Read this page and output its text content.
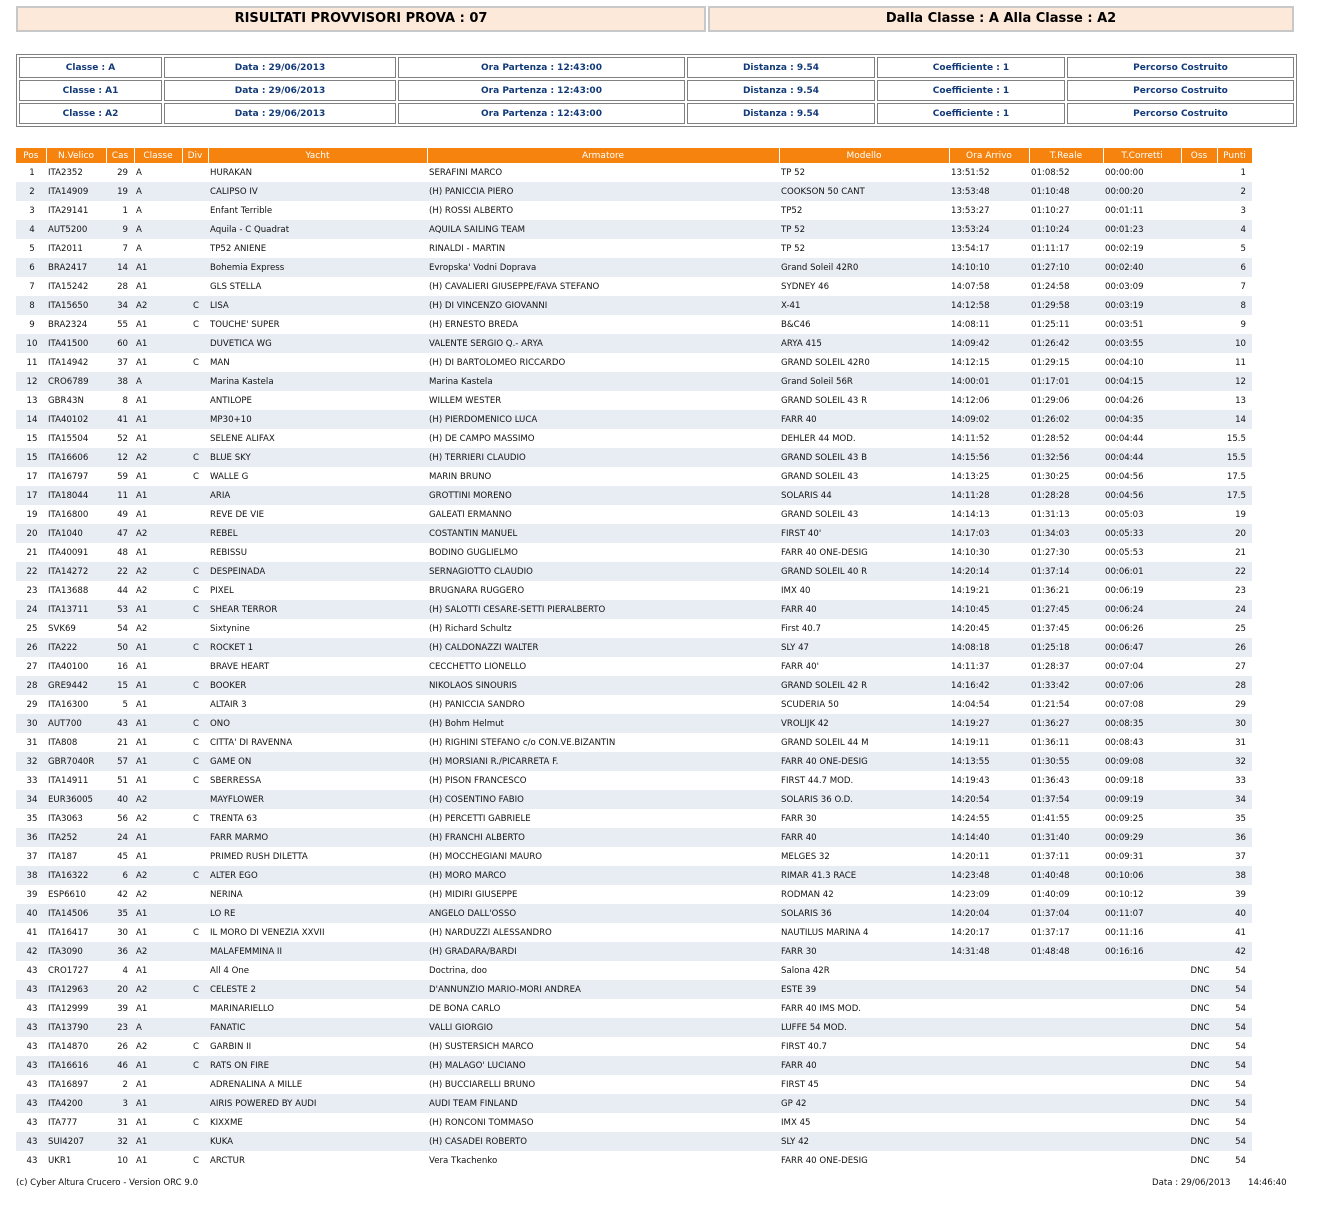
RISULTATI PROVVISORI PROVA : 07	Dalla Classe : A Alla Classe : A2
Classe : A	Data : 29/06/2013	Ora Partenza : 12:43:00	Distanza : 9.54	Coefficiente : 1	Percorso Costruito
Classe : A1	Data : 29/06/2013	Ora Partenza : 12:43:00	Distanza : 9.54	Coefficiente : 1	Percorso Costruito
Classe : A2	Data : 29/06/2013	Ora Partenza : 12:43:00	Distanza : 9.54	Coefficiente : 1	Percorso Costruito
Pos	N.Velico	Cas	Classe	Div	Yacht	Armatore	Modello	Ora Arrivo	T.Reale	T.Corretti	Oss	Punti
1	ITA2352	29	A		HURAKAN	SERAFINI MARCO	TP 52	13:51:52	01:08:52	00:00:00		1
2	ITA14909	19	A		CALIPSO IV	(H) PANICCIA PIERO	COOKSON 50 CANT	13:53:48	01:10:48	00:00:20		2
3	ITA29141	1	A		Enfant Terrible	(H) ROSSI ALBERTO	TP52	13:53:27	01:10:27	00:01:11		3
4	AUT5200	9	A		Aquila - C Quadrat	AQUILA SAILING TEAM	TP 52	13:53:24	01:10:24	00:01:23		4
5	ITA2011	7	A		TP52 ANIENE	RINALDI - MARTIN	TP 52	13:54:17	01:11:17	00:02:19		5
6	BRA2417	14	A1		Bohemia Express	Evropska' Vodni Doprava	Grand Soleil 42R0	14:10:10	01:27:10	00:02:40		6
7	ITA15242	28	A1		GLS STELLA	(H) CAVALIERI GIUSEPPE/FAVA STEFANO	SYDNEY 46	14:07:58	01:24:58	00:03:09		7
8	ITA15650	34	A2	C	LISA	(H) DI VINCENZO GIOVANNI	X-41	14:12:58	01:29:58	00:03:19		8
9	BRA2324	55	A1	C	TOUCHE' SUPER	(H) ERNESTO BREDA	B&C46	14:08:11	01:25:11	00:03:51		9
10	ITA41500	60	A1		DUVETICA WG	VALENTE SERGIO Q.- ARYA	ARYA 415	14:09:42	01:26:42	00:03:55		10
11	ITA14942	37	A1	C	MAN	(H) DI BARTOLOMEO RICCARDO	GRAND SOLEIL 42R0	14:12:15	01:29:15	00:04:10		11
12	CRO6789	38	A		Marina Kastela	Marina Kastela	Grand Soleil 56R	14:00:01	01:17:01	00:04:15		12
13	GBR43N	8	A1		ANTILOPE	WILLEM WESTER	GRAND SOLEIL 43 R	14:12:06	01:29:06	00:04:26		13
14	ITA40102	41	A1		MP30+10	(H) PIERDOMENICO LUCA	FARR 40	14:09:02	01:26:02	00:04:35		14
15	ITA15504	52	A1		SELENE ALIFAX	(H) DE CAMPO MASSIMO	DEHLER 44 MOD.	14:11:52	01:28:52	00:04:44		15.5
15	ITA16606	12	A2	C	BLUE SKY	(H) TERRIERI CLAUDIO	GRAND SOLEIL 43 B	14:15:56	01:32:56	00:04:44		15.5
17	ITA16797	59	A1	C	WALLE G	MARIN BRUNO	GRAND SOLEIL 43	14:13:25	01:30:25	00:04:56		17.5
17	ITA18044	11	A1		ARIA	GROTTINI MORENO	SOLARIS 44	14:11:28	01:28:28	00:04:56		17.5
19	ITA16800	49	A1		REVE DE VIE	GALEATI ERMANNO	GRAND SOLEIL 43	14:14:13	01:31:13	00:05:03		19
20	ITA1040	47	A2		REBEL	COSTANTIN MANUEL	FIRST 40'	14:17:03	01:34:03	00:05:33		20
21	ITA40091	48	A1		REBISSU	BODINO GUGLIELMO	FARR 40 ONE-DESIG	14:10:30	01:27:30	00:05:53		21
22	ITA14272	22	A2	C	DESPEINADA	SERNAGIOTTO CLAUDIO	GRAND SOLEIL 40 R	14:20:14	01:37:14	00:06:01		22
23	ITA13688	44	A2	C	PIXEL	BRUGNARA RUGGERO	IMX 40	14:19:21	01:36:21	00:06:19		23
24	ITA13711	53	A1	C	SHEAR TERROR	(H) SALOTTI CESARE-SETTI PIERALBERTO	FARR 40	14:10:45	01:27:45	00:06:24		24
25	SVK69	54	A2		Sixtynine	(H) Richard Schultz	First 40.7	14:20:45	01:37:45	00:06:26		25
26	ITA222	50	A1	C	ROCKET 1	(H) CALDONAZZI WALTER	SLY 47	14:08:18	01:25:18	00:06:47		26
27	ITA40100	16	A1		BRAVE HEART	CECCHETTO LIONELLO	FARR 40'	14:11:37	01:28:37	00:07:04		27
28	GRE9442	15	A1	C	BOOKER	NIKOLAOS SINOURIS	GRAND SOLEIL 42 R	14:16:42	01:33:42	00:07:06		28
29	ITA16300	5	A1		ALTAIR 3	(H) PANICCIA SANDRO	SCUDERIA 50	14:04:54	01:21:54	00:07:08		29
30	AUT700	43	A1	C	ONO	(H) Bohm Helmut	VROLIJK 42	14:19:27	01:36:27	00:08:35		30
31	ITA808	21	A1	C	CITTA' DI RAVENNA	(H) RIGHINI STEFANO c/o CON.VE.BIZANTIN	GRAND SOLEIL 44 M	14:19:11	01:36:11	00:08:43		31
32	GBR7040R	57	A1	C	GAME ON	(H) MORSIANI R./PICARRETA F.	FARR 40 ONE-DESIG	14:13:55	01:30:55	00:09:08		32
33	ITA14911	51	A1	C	SBERRESSA	(H) PISON FRANCESCO	FIRST 44.7 MOD.	14:19:43	01:36:43	00:09:18		33
34	EUR36005	40	A2		MAYFLOWER	(H) COSENTINO FABIO	SOLARIS 36 O.D.	14:20:54	01:37:54	00:09:19		34
35	ITA3063	56	A2	C	TRENTA 63	(H) PERCETTI GABRIELE	FARR 30	14:24:55	01:41:55	00:09:25		35
36	ITA252	24	A1		FARR MARMO	(H) FRANCHI ALBERTO	FARR 40	14:14:40	01:31:40	00:09:29		36
37	ITA187	45	A1		PRIMED RUSH DILETTA	(H) MOCCHEGIANI MAURO	MELGES 32	14:20:11	01:37:11	00:09:31		37
38	ITA16322	6	A2	C	ALTER EGO	(H) MORO MARCO	RIMAR 41.3 RACE	14:23:48	01:40:48	00:10:06		38
39	ESP6610	42	A2		NERINA	(H) MIDIRI GIUSEPPE	RODMAN 42	14:23:09	01:40:09	00:10:12		39
40	ITA14506	35	A1		LO RE	ANGELO DALL'OSSO	SOLARIS 36	14:20:04	01:37:04	00:11:07		40
41	ITA16417	30	A1	C	IL MORO DI VENEZIA XXVII	(H) NARDUZZI ALESSANDRO	NAUTILUS MARINA 4	14:20:17	01:37:17	00:11:16		41
42	ITA3090	36	A2		MALAFEMMINA II	(H) GRADARA/BARDI	FARR 30	14:31:48	01:48:48	00:16:16		42
43	CRO1727	4	A1		All 4 One	Doctrina, doo	Salona 42R				DNC	54
43	ITA12963	20	A2	C	CELESTE 2	D'ANNUNZIO MARIO-MORI ANDREA	ESTE 39				DNC	54
43	ITA12999	39	A1		MARINARIELLO	DE BONA CARLO	FARR 40 IMS MOD.				DNC	54
43	ITA13790	23	A		FANATIC	VALLI GIORGIO	LUFFE 54 MOD.				DNC	54
43	ITA14870	26	A2	C	GARBIN II	(H) SUSTERSICH MARCO	FIRST 40.7				DNC	54
43	ITA16616	46	A1	C	RATS ON FIRE	(H) MALAGO' LUCIANO	FARR 40				DNC	54
43	ITA16897	2	A1		ADRENALINA A MILLE	(H) BUCCIARELLI BRUNO	FIRST 45				DNC	54
43	ITA4200	3	A1		AIRIS POWERED BY AUDI	AUDI TEAM FINLAND	GP 42				DNC	54
43	ITA777	31	A1	C	KIXXME	(H) RONCONI TOMMASO	IMX 45				DNC	54
43	SUI4207	32	A1		KUKA	(H) CASADEI ROBERTO	SLY 42				DNC	54
43	UKR1	10	A1	C	ARCTUR	Vera Tkachenko	FARR 40 ONE-DESIG				DNC	54
(c) Cyber Altura Crucero - Version ORC 9.0	Data : 29/06/2013 14:46:40
